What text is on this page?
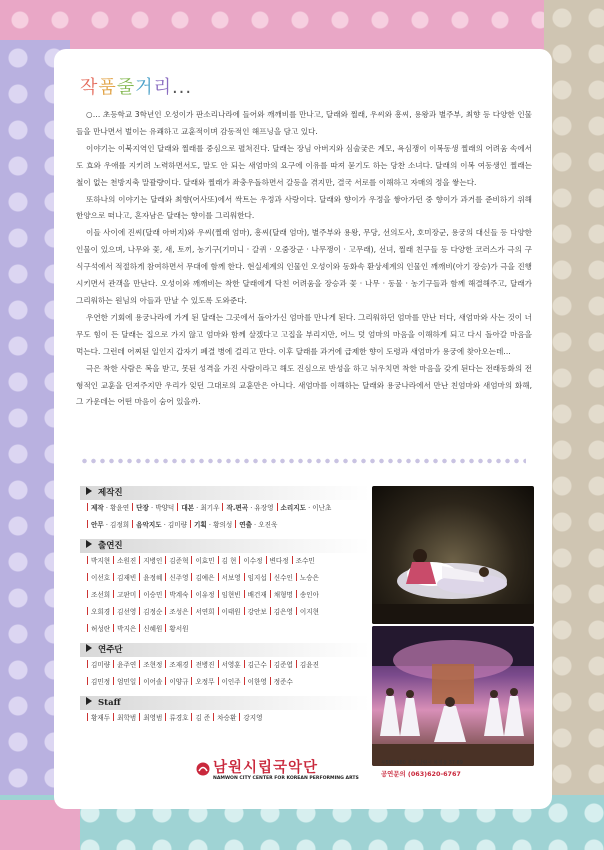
작품줄거리...

○… 초등학교 3학년인 오성이가 판소리나라에 들어와 깨깨비를 만나고, 달래와 찔래, 우씨와 흥씨, 용왕과 별주부, 최향 등 다양한 인물들을 만나면서 벌이는 유쾌하고 교훈적이며 감동적인 해프닝을 담고 있다.

이야기는 이북지역인 달래와 찔래를 중심으로 펼쳐진다. 달래는 장님 아버지와 심술궂은 계모, 욕심쟁이 이복동생 찔래의 어려움 속에서도 효와 우애를 지키려 노력하면서도, 말도 안 되는 새엄마의 요구에 이유를 따져 묻기도 하는 당찬 소녀다. 달래의 이복 여동생인 찔래는 철이 없는 천방지축 말괄량이다. 달래와 찔래가 좌충우돌하면서 갈등을 겪지만, 결국 서로를 이해하고 자매의 정을 쌓는다.

또하나의 이야기는 달래와 최향(어사또)에서 싹트는 우정과 사랑이다. 달래와 향이가 우정을 쌓아가던 중 향이가 과거를 준비하기 위해 한양으로 떠나고, 혼자남은 달래는 향이를 그리워한다.

이들 사이에 진씨(달래 아버지)와 우씨(찔래 엄마), 흥씨(달래 엄마), 별주부와 용왕, 무당, 선의도사, 호미장군, 용궁의 대신들 등 다양한 인물이 있으며, 나무와 꽃, 새, 토끼, 농기구(기미니 · 갈퀴 · 오줌장군 · 나무쟁이 · 고무래), 선녀, 찔래 친구들 등 다양한 코러스가 극의 구식구석에서 적절하게 참여하면서 무대에 함께 한다. 현실세계의 인물인 오성이와 동화속 환상세계의 인물인 깨깨비(아기 장승)가 극을 진행시키면서 관객을 만난다. 오성이와 깨깨비는 착한 달래에게 닥친 어려움을 장승과 꽃 · 나무 · 동물 · 농기구들과 함께 해결해주고, 달래가 그리워하는 원님의 아들과 만날 수 있도록 도와준다.

우연한 기회에 용궁나라에 가게 된 달래는 그곳에서 돌아가신 엄마를 만나게 된다. 그리워하던 엄마를 만난 터다, 새엄마와 사는 것이 너무도 힘이 든 달래는 집으로 가지 않고 엄마와 함께 살겠다고 고집을 부리지만, 어느 덧 엄마의 마음을 이해하게 되고 다시 돌아갈 마음을 먹는다. 그런데 어찌된 일인지 갑자기 폐결 병에 걸리고 만다. 이후 달래를 과거에 급제한 향이 도령과 새엄마가 용궁에 찾아오는데…

극은 착한 사람은 복을 받고, 못된 성격을 가진 사람이라고 해도 진심으로 반성을 하고 뉘우치면 착한 마음을 갖게 된다는 전래동화의 전형적인 교훈을 던져주지만 우리가 잊던 그대로의 교훈만은 아니다. 새엄마를 이해하는 달래와 용궁나라에서 만난 친엄마와 새엄마의 화해, 그 가운데는 어떤 마음이 숨어 있을까.

제작진
제작 · 황윤연 단장 · 박양덕 대본 · 최기우 작.편곡 · 유장영 소리지도 · 이난초
안무 · 김정희 음악지도 · 김미량 기획 · 황의성 연출 · 오진욱
출연진
박지현 소원진 지병인 김준혁 이효민 김 현 이수정 변다정 조수민
이선호 김재빈 윤정혜 신주영 김예은 서보영 임지섭 신수인 노승은
조선희 고판미 이승민 박계숙 이유정 임현빈 배건재 채형명 송인아
오희경 김선영 김정순 조성은 서연희 이태원 강안보 김은영 이지현
허성란 박지은 신혜원 황서원
연주단
김미량 윤주연 조현정 조재경 전병진 서영훈 김근수 김준엽 김윤진
김민정 엄민일 이어솔 이양규 오정무 이인주 이한영 정준수
Staff
황재두 최학범 최영범 류경호 김 준 차승환 강지영
남원시립국악단
NAMWON CITY CENTER FOR KOREAN PERFORMING ARTS
우590-180 전북 남원시 하정동 37-89
공연문의 (063)620-6767
